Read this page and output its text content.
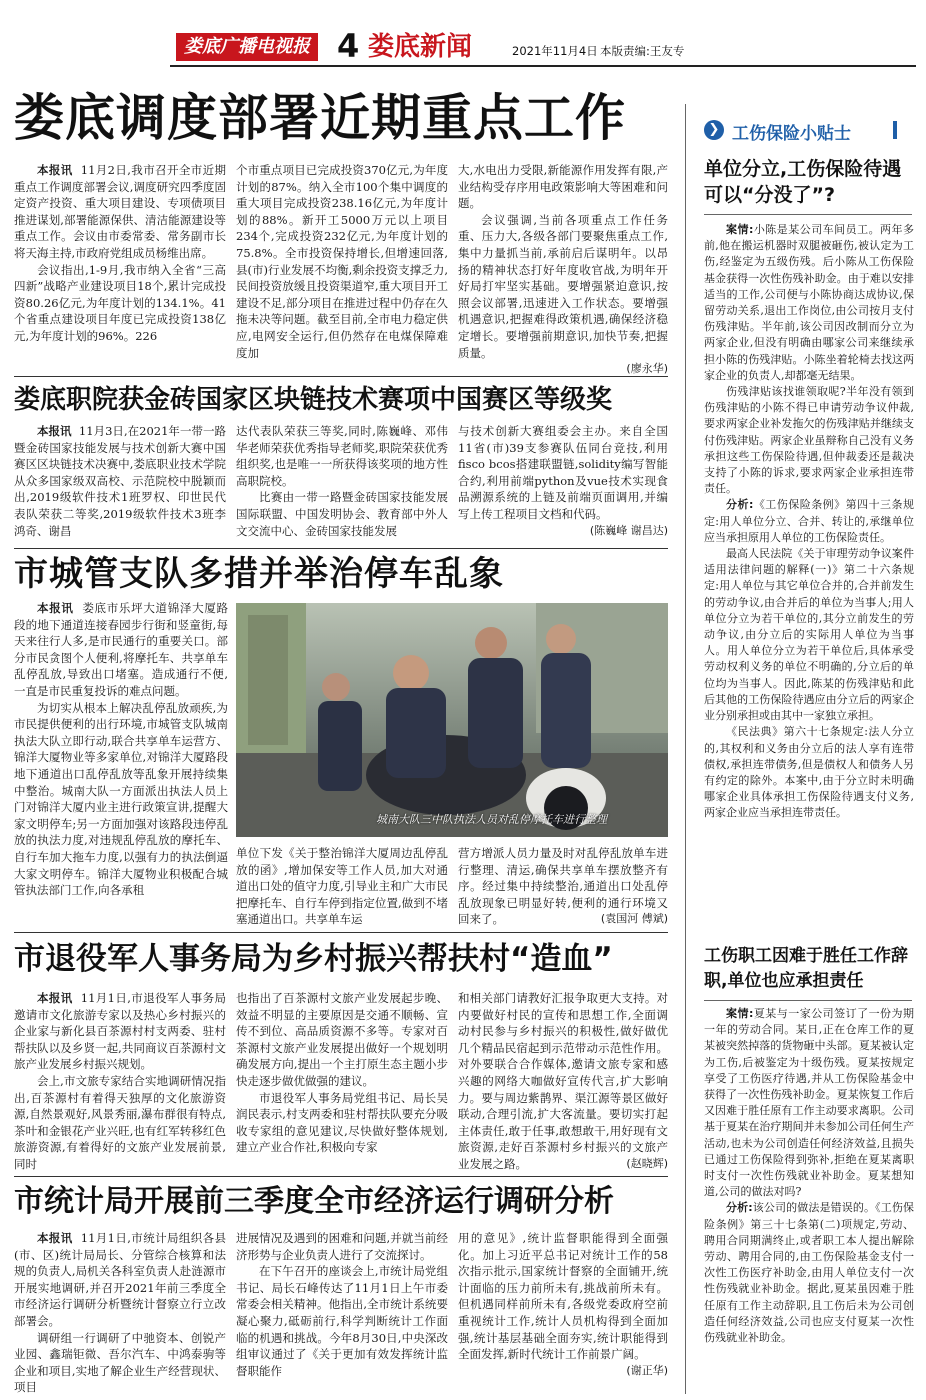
娄底广播电视报 4 娄底新闻	2021年11月4日 本版责编:王友专
娄底调度部署近期重点工作

本报讯 11月2日,我市召开全市近期重点工作调度部署会议,调度研究四季度固定资产投资、重大项目建设、专项债项目推进谋划,部署能源保供、清洁能源建设等重点工作。会议由市委常委、常务副市长将天海主持,市政府党组成员杨维出席。

会议指出,1-9月,我市纳入全省“三高四新”战略产业建设项目18个,累计完成投资80.26亿元,为年度计划的134.1%。41个省重点建设项目年度已完成投资138亿元,为年度计划的96%。226

个市重点项目已完成投资370亿元,为年度计划的87%。纳入全市100个集中调度的重大项目完成投资238.16亿元,为年度计划的88%。新开工5000万元以上项目234个,完成投资232亿元,为年度计划的75.8%。全市投资保持增长,但增速回落,县(市)行业发展不均衡,剩余投资支撑乏力,民间投资放缓且投资渠道窄,重大项目开工建设不足,部分项目在推进过程中仍存在久拖未决等问题。截至目前,全市电力稳定供应,电网安全运行,但仍然存在电煤保障难度加
大,水电出力受限,新能源作用发挥有限,产业结构受存序用电政策影响大等困难和问题。

会议强调,当前各项重点工作任务重、压力大,各级各部门要聚焦重点工作,集中力量抓当前,承前启后谋明年。以昂扬的精神状态打好年度收官战,为明年开好局打牢坚实基础。要增强紧迫意识,按照会议部署,迅速进入工作状态。要增强机遇意识,把握难得政策机遇,确保经济稳定增长。要增强前期意识,加快节奏,把握质量。

(廖永华)

娄底职院获金砖国家区块链技术赛项中国赛区等级奖

本报讯 11月3日,在2021年一带一路暨金砖国家技能发展与技术创新大赛中国赛区区块链技术决赛中,娄底职业技术学院从众多国家级双高校、示范院校中脱颖而出,2019级软件技术1班罗权、印世民代表队荣获二等奖,2019级软件技术3班李鸿奇、谢昌

达代表队荣获三等奖,同时,陈巍峰、邓伟华老师荣获优秀指导老师奖,职院荣获优秀组织奖,也是唯一一所获得该奖项的地方性高职院校。

比赛由一带一路暨金砖国家技能发展国际联盟、中国发明协会、教育部中外人文交流中心、金砖国家技能发展

与技术创新大赛组委会主办。来自全国11省(市)39支参赛队伍同台竞技,利用fisco bcos搭建联盟链,solidity编写智能合约,利用前端python及vue技术实现食品溯源系统的上链及前端页面调用,并编写上传工程项目文档和代码。
(陈巍峰 谢昌达)
市城管支队多措并举治停车乱象

本报讯 娄底市乐坪大道锦泽大厦路段的地下通道连接春园步行街和竖童街,每天来往行人多,是市民通行的重要关口。部分市民贪图个人便利,将摩托车、共享单车乱停乱放,导致出口堵塞。造成通行不便,一直是市民重复投诉的难点问题。

为切实从根本上解决乱停乱放顽疾,为市民提供便利的出行环境,市城管支队城南执法大队立即行动,联合共享单车运营方、锦洋大厦物业等多家单位,对锦洋大厦路段地下通道出口乱停乱放等乱象开展持续集中整治。城南大队一方面派出执法人员上门对锦洋大厦内业主进行政策宣讲,提醒大家文明停车;另一方面加强对该路段违停乱放的执法力度,对违规乱停乱放的摩托车、自行车加大拖车力度,以强有力的执法倒逼大家文明停车。锦洋大厦物业积极配合城管执法部门工作,向各承租

城南大队三中队执法人员对乱停摩托车进行整理
单位下发《关于整治锦洋大厦周边乱停乱放的函》,增加保安等工作人员,加大对通道出口处的值守力度,引导业主和广大市民把摩托车、自行车停到指定位置,做到不堵塞通道出口。共享单车运
营方增派人员力量及时对乱停乱放单车进行整理、清运,确保共享单车摆放整齐有序。经过集中持续整治,通道出口处乱停乱放现象已明显好转,便利的通行环境又回来了。	(袁国河 傅斌)
市退役军人事务局为乡村振兴帮扶村“造血”

本报讯 11月1日,市退役军人事务局邀请市文化旅游专家以及热心乡村振兴的企业家与新化县百茶源村村支两委、驻村帮扶队以及乡贤一起,共同商议百茶源村文旅产业发展乡村振兴规划。

会上,市文旅专家结合实地调研情况指出,百茶源村有着得天独厚的文化旅游资源,自然景观好,风景秀丽,瀑布群很有特点,茶叶和金银花产业兴旺,也有红军转移红色旅游资源,有着得好的文旅产业发展前景,同时

也指出了百茶源村文旅产业发展起步晚、效益不明显的主要原因是交通不顺畅、宣传不到位、高品质资源不多等。专家对百茶源村文旅产业发展提出做好一个规划明确发展方向,提出一个主打原生态主题小步快走逐步做优做强的建议。

市退役军人事务局党组书记、局长吴润民表示,村支两委和驻村帮扶队要充分吸收专家组的意见建议,尽快做好整体规划,建立产业合作社,积极向专家

和相关部门请教好汇报争取更大支持。对内要做好村民的宣传和思想工作,全面调动村民参与乡村振兴的积极性,做好做优几个精品民宿起到示范带动示范性作用。对外要联合合作媒体,邀请文旅专家和感兴趣的网络大咖做好宣传代言,扩大影响力。要与周边紫鹊界、渠江源等景区做好联动,合理引流,扩大客流量。要切实打起主体责任,敢于任事,敢想敢干,用好现有文旅资源,走好百茶源村乡村振兴的文旅产业发展之路。	(赵晓辉)
市统计局开展前三季度全市经济运行调研分析

本报讯 11月1日,市统计局组织各县(市、区)统计局局长、分管综合核算和法规的负责人,局机关各科室负责人赴涟源市开展实地调研,并召开2021年前三季度全市经济运行调研分析暨统计督察立行立改部署会。

调研组一行调研了中驰资本、创锐产业园、鑫瑞钜微、吾尔汽车、中鸿泰驹等企业和项目,实地了解企业生产经营现状、项目

进展情况及遇到的困难和问题,并就当前经济形势与企业负责人进行了交流探讨。

在下午召开的座谈会上,市统计局党组书记、局长石峰传达了11月1日上午市委常委会相关精神。他指出,全市统计系统要凝心聚力,砥砺前行,科学判断统计工作面临的机遇和挑战。今年8月30日,中央深改组审议通过了《关于更加有效发挥统计监督职能作

用的意见》,统计监督职能得到全面强化。加上习近平总书记对统计工作的58次指示批示,国家统计督察的全面铺开,统计面临的压力前所未有,挑战前所未有。但机遇同样前所未有,各级党委政府空前重视统计工作,统计人员机构得到全面加强,统计基层基础全面夯实,统计职能得到全面发挥,新时代统计工作前景广阔。
(谢正华)
❯ 工伤保险小贴士
单位分立,工伤保险待遇可以“分没了”?

案情:小陈是某公司车间员工。两年多前,他在搬运机器时双腿被砸伤,被认定为工伤,经鉴定为五级伤残。后小陈从工伤保险基金获得一次性伤残补助金。由于难以安排适当的工作,公司便与小陈协商达成协议,保留劳动关系,退出工作岗位,由公司按月支付伤残津贴。半年前,该公司因改制而分立为两家企业,但没有明确由哪家公司来继续承担小陈的伤残津贴。小陈坐着轮椅去找这两家企业的负责人,却都毫无结果。

伤残津贴该找谁领取呢?半年没有领到伤残津贴的小陈不得已申请劳动争议仲裁,要求两家企业补发拖欠的伤残津贴并继续支付伤残津贴。两家企业虽辩称自己没有义务承担这些工伤保险待遇,但仲裁委还是裁决支持了小陈的诉求,要求两家企业承担连带责任。

分析:《工伤保险条例》第四十三条规定:用人单位分立、合并、转让的,承继单位应当承担原用人单位的工伤保险责任。

最高人民法院《关于审理劳动争议案件适用法律问题的解释(一)》第二十六条规定:用人单位与其它单位合并的,合并前发生的劳动争议,由合并后的单位为当事人;用人单位分立为若干单位的,其分立前发生的劳动争议,由分立后的实际用人单位为当事人。用人单位分立为若干单位后,具体承受劳动权利义务的单位不明确的,分立后的单位均为当事人。因此,陈某的伤残津贴和此后其他的工伤保险待遇应由分立后的两家企业分别承担或由其中一家独立承担。

《民法典》第六十七条规定:法人分立的,其权利和义务由分立后的法人享有连带债权,承担连带债务,但是债权人和债务人另有约定的除外。本案中,由于分立时未明确哪家企业具体承担工伤保险待遇支付义务,两家企业应当承担连带责任。

工伤职工因难于胜任工作辞职,单位也应承担责任

案情:夏某与一家公司签订了一份为期一年的劳动合同。某日,正在仓库工作的夏某被突然掉落的货物砸中头部。夏某被认定为工伤,后被鉴定为十级伤残。夏某按规定享受了工伤医疗待遇,并从工伤保险基金中获得了一次性伤残补助金。夏某恢复工作后又因难于胜任原有工作主动要求离职。公司基于夏某在治疗期间并未参加公司任何生产活动,也未为公司创造任何经济效益,且损失已通过工伤保险得到弥补,拒绝在夏某离职时支付一次性伤残就业补助金。夏某想知道,公司的做法对吗?

分析:该公司的做法是错误的。《工伤保险条例》第三十七条第(二)项规定,劳动、聘用合同期满终止,或者职工本人提出解除劳动、聘用合同的,由工伤保险基金支付一次性工伤医疗补助金,由用人单位支付一次性伤残就业补助金。据此,夏某虽因难于胜任原有工作主动辞职,且工伤后未为公司创造任何经济效益,公司也应支付夏某一次性伤残就业补助金。
